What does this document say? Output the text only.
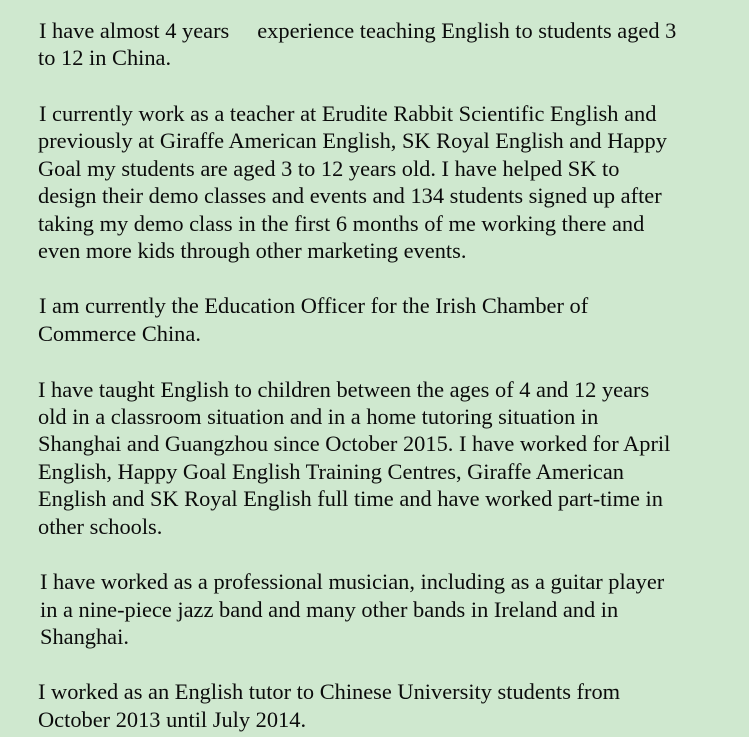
I have almost 4 years     experience teaching English to students aged 3
to 12 in China.
I currently work as a teacher at Erudite Rabbit Scientific English and
previously at Giraffe American English, SK Royal English and Happy
Goal my students are aged 3 to 12 years old. I have helped SK to
design their demo classes and events and 134 students signed up after
taking my demo class in the first 6 months of me working there and
even more kids through other marketing events.
I am currently the Education Officer for the Irish Chamber of
Commerce China.
I have taught English to children between the ages of 4 and 12 years
old in a classroom situation and in a home tutoring situation in
Shanghai and Guangzhou since October 2015. I have worked for April
English, Happy Goal English Training Centres, Giraffe American
English and SK Royal English full time and have worked part-time in
other schools.
I have worked as a professional musician, including as a guitar player
in a nine-piece jazz band and many other bands in Ireland and in
Shanghai.
I worked as an English tutor to Chinese University students from
October 2013 until July 2014.
